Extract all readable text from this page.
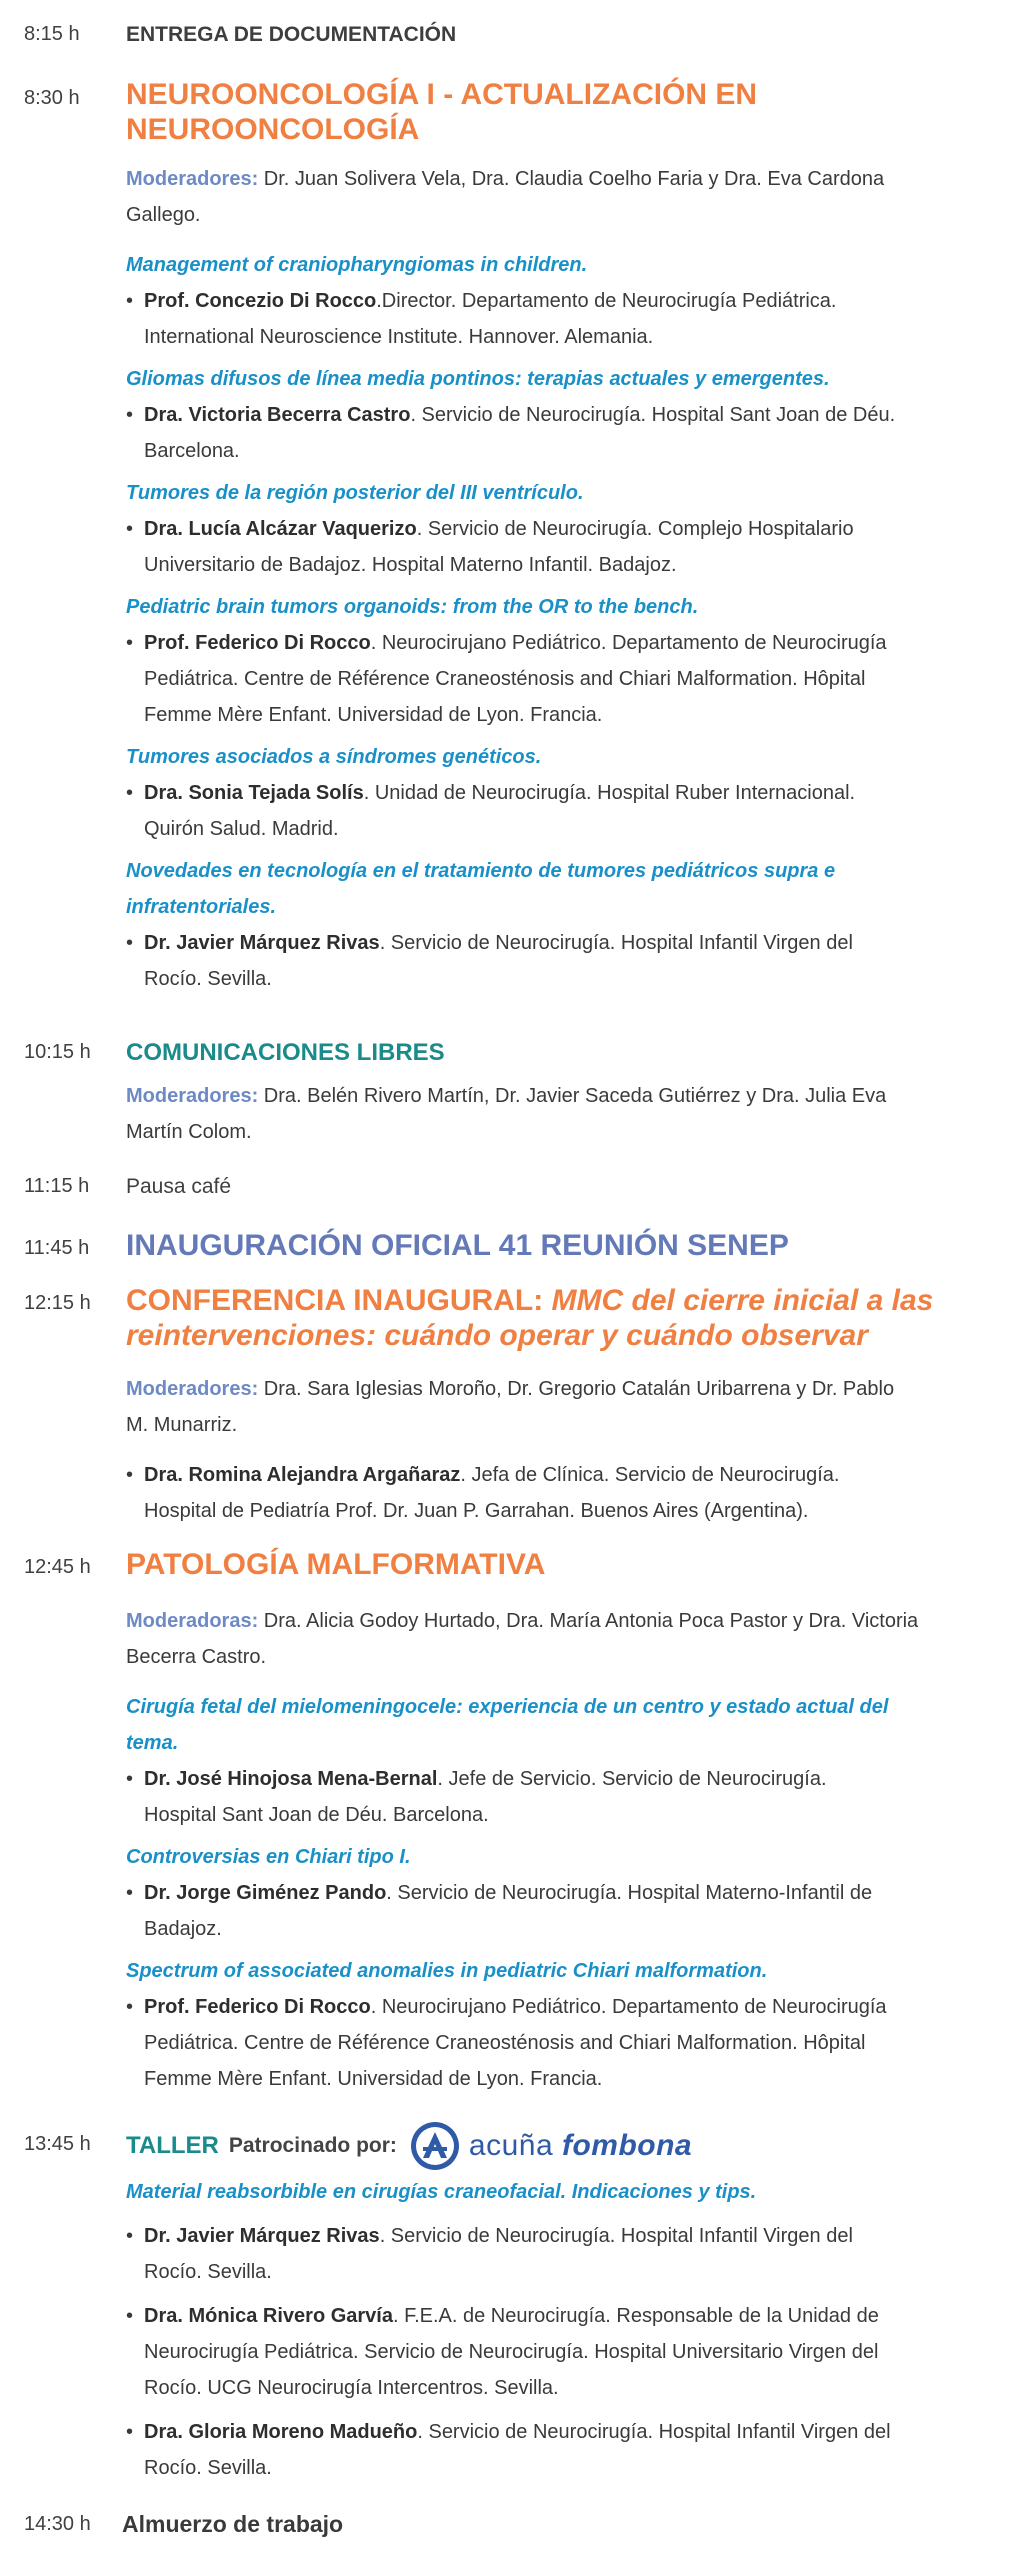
8:15 h	ENTREGA DE DOCUMENTACIÓN
8:30 h	NEUROONCOLOGÍA I - ACTUALIZACIÓN EN
NEUROONCOLOGÍA
Moderadores: Dr. Juan Solivera Vela, Dra. Claudia Coelho Faria y Dra. Eva Cardona
Gallego.
Management of craniopharyngiomas in children.
• Prof. Concezio Di Rocco.Director. Departamento de Neurocirugía Pediátrica.
International Neuroscience Institute. Hannover. Alemania.
Gliomas difusos de línea media pontinos: terapias actuales y emergentes.
• Dra. Victoria Becerra Castro. Servicio de Neurocirugía. Hospital Sant Joan de Déu.
Barcelona.
Tumores de la región posterior del III ventrículo.
• Dra. Lucía Alcázar Vaquerizo. Servicio de Neurocirugía. Complejo Hospitalario
Universitario de Badajoz. Hospital Materno Infantil. Badajoz.
Pediatric brain tumors organoids: from the OR to the bench.
• Prof. Federico Di Rocco. Neurocirujano Pediátrico. Departamento de Neurocirugía
Pediátrica. Centre de Référence Craneosténosis and Chiari Malformation. Hôpital
Femme Mère Enfant. Universidad de Lyon. Francia.
Tumores asociados a síndromes genéticos.
• Dra. Sonia Tejada Solís. Unidad de Neurocirugía. Hospital Ruber Internacional.
Quirón Salud. Madrid.
Novedades en tecnología en el tratamiento de tumores pediátricos supra e
infratentoriales.
• Dr. Javier Márquez Rivas. Servicio de Neurocirugía. Hospital Infantil Virgen del
Rocío. Sevilla.
10:15 h	COMUNICACIONES LIBRES
Moderadores: Dra. Belén Rivero Martín, Dr. Javier Saceda Gutiérrez y Dra. Julia Eva
Martín Colom.
11:15 h	Pausa café
11:45 h	INAUGURACIÓN OFICIAL 41 REUNIÓN SENEP
12:15 h	CONFERENCIA INAUGURAL: MMC del cierre inicial a las
reintervenciones: cuándo operar y cuándo observar
Moderadores: Dra. Sara Iglesias Moroño, Dr. Gregorio Catalán Uribarrena y Dr. Pablo
M. Munarriz.
• Dra. Romina Alejandra Argañaraz. Jefa de Clínica. Servicio de Neurocirugía.
Hospital de Pediatría Prof. Dr. Juan P. Garrahan. Buenos Aires (Argentina).
12:45 h	PATOLOGÍA MALFORMATIVA
Moderadoras: Dra. Alicia Godoy Hurtado, Dra. María Antonia Poca Pastor y Dra. Victoria
Becerra Castro.
Cirugía fetal del mielomeningocele: experiencia de un centro y estado actual del
tema.
• Dr. José Hinojosa Mena-Bernal. Jefe de Servicio. Servicio de Neurocirugía.
Hospital Sant Joan de Déu. Barcelona.
Controversias en Chiari tipo I.
• Dr. Jorge Giménez Pando. Servicio de Neurocirugía. Hospital Materno-Infantil de
Badajoz.
Spectrum of associated anomalies in pediatric Chiari malformation.
• Prof. Federico Di Rocco. Neurocirujano Pediátrico. Departamento de Neurocirugía
Pediátrica. Centre de Référence Craneosténosis and Chiari Malformation. Hôpital
Femme Mère Enfant. Universidad de Lyon. Francia.
13:45 h	TALLER Patrocinado por: acuña fombona
Material reabsorbible en cirugías craneofacial. Indicaciones y tips.
• Dr. Javier Márquez Rivas. Servicio de Neurocirugía. Hospital Infantil Virgen del
Rocío. Sevilla.
• Dra. Mónica Rivero Garvía. F.E.A. de Neurocirugía. Responsable de la Unidad de
Neurocirugía Pediátrica. Servicio de Neurocirugía. Hospital Universitario Virgen del
Rocío. UCG Neurocirugía Intercentros. Sevilla.
• Dra. Gloria Moreno Madueño. Servicio de Neurocirugía. Hospital Infantil Virgen del
Rocío. Sevilla.
14:30 h	Almuerzo de trabajo
